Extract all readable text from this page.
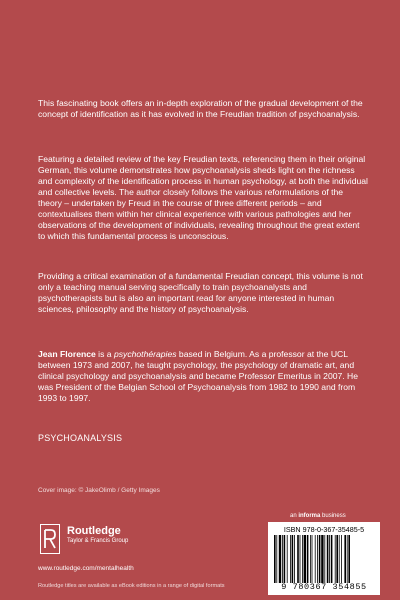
This fascinating book offers an in-depth exploration of the gradual development of the concept of identification as it has evolved in the Freudian tradition of psychoanalysis.

Featuring a detailed review of the key Freudian texts, referencing them in their original German, this volume demonstrates how psychoanalysis sheds light on the richness and complexity of the identification process in human psychology, at both the individual and collective levels. The author closely follows the various reformulations of the theory – undertaken by Freud in the course of three different periods – and contextualises them within her clinical experience with various pathologies and her observations of the development of individuals, revealing throughout the great extent to which this fundamental process is unconscious.

Providing a critical examination of a fundamental Freudian concept, this volume is not only a teaching manual serving specifically to train psychoanalysts and psychotherapists but is also an important read for anyone interested in human sciences, philosophy and the history of psychoanalysis.

Jean Florence is a psychothérapies based in Belgium. As a professor at the UCL between 1973 and 2007, he taught psychology, the psychology of dramatic art, and clinical psychology and psychoanalysis and became Professor Emeritus in 2007. He was President of the Belgian School of Psychoanalysis from 1982 to 1990 and from 1993 to 1997.

PSYCHOANALYSIS
Cover image: © JakeOlimb / Getty Images
an informa business
Routledge
Taylor & Francis Group
www.routledge.com/mentalhealth
Routledge titles are available as eBook editions in a range of digital formats
ISBN 978-0-367-35485-5
9 780367 354855
